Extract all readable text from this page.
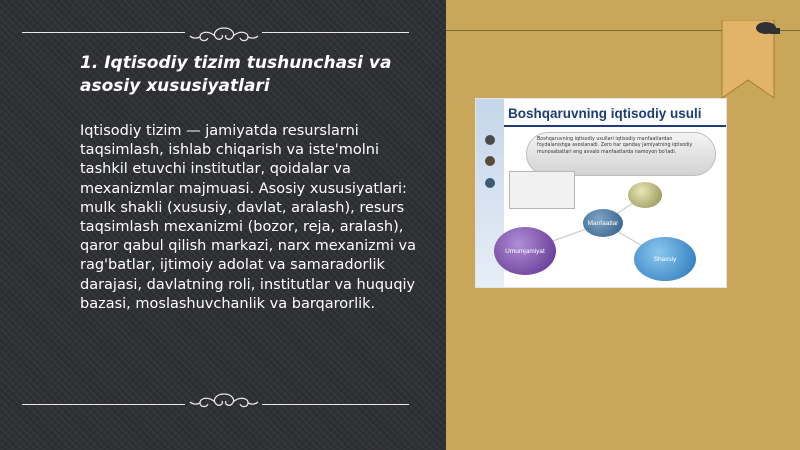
1. Iqtisodiy tizim tushunchasi va asosiy xususiyatlari

Iqtisodiy tizim — jamiyatda resurslarni taqsimlash, ishlab chiqarish va iste'molni tashkil etuvchi institutlar, qoidalar va mexanizmlar majmuasi. Asosiy xususiyatlari: mulk shakli (xususiy, davlat, aralash), resurs taqsimlash mexanizmi (bozor, reja, aralash), qaror qabul qilish markazi, narx mexanizmi va rag'batlar, ijtimoiy adolat va samaradorlik darajasi, davlatning roli, institutlar va huquqiy bazasi, moslashuvchanlik va barqarorlik.

Boshqaruvning iqtisodiy usuli
Boshqaruvning iqtisodiy usullari iqtisodiy manfaatlardan foydalanishga asoslanadi. Zero har qanday jamiyatning iqtisodiy munosabatlari eng avvalo manfaatlarda namoyon bo'ladi.
Manfaatlar
Umumjamiyat
Shaxsiy
